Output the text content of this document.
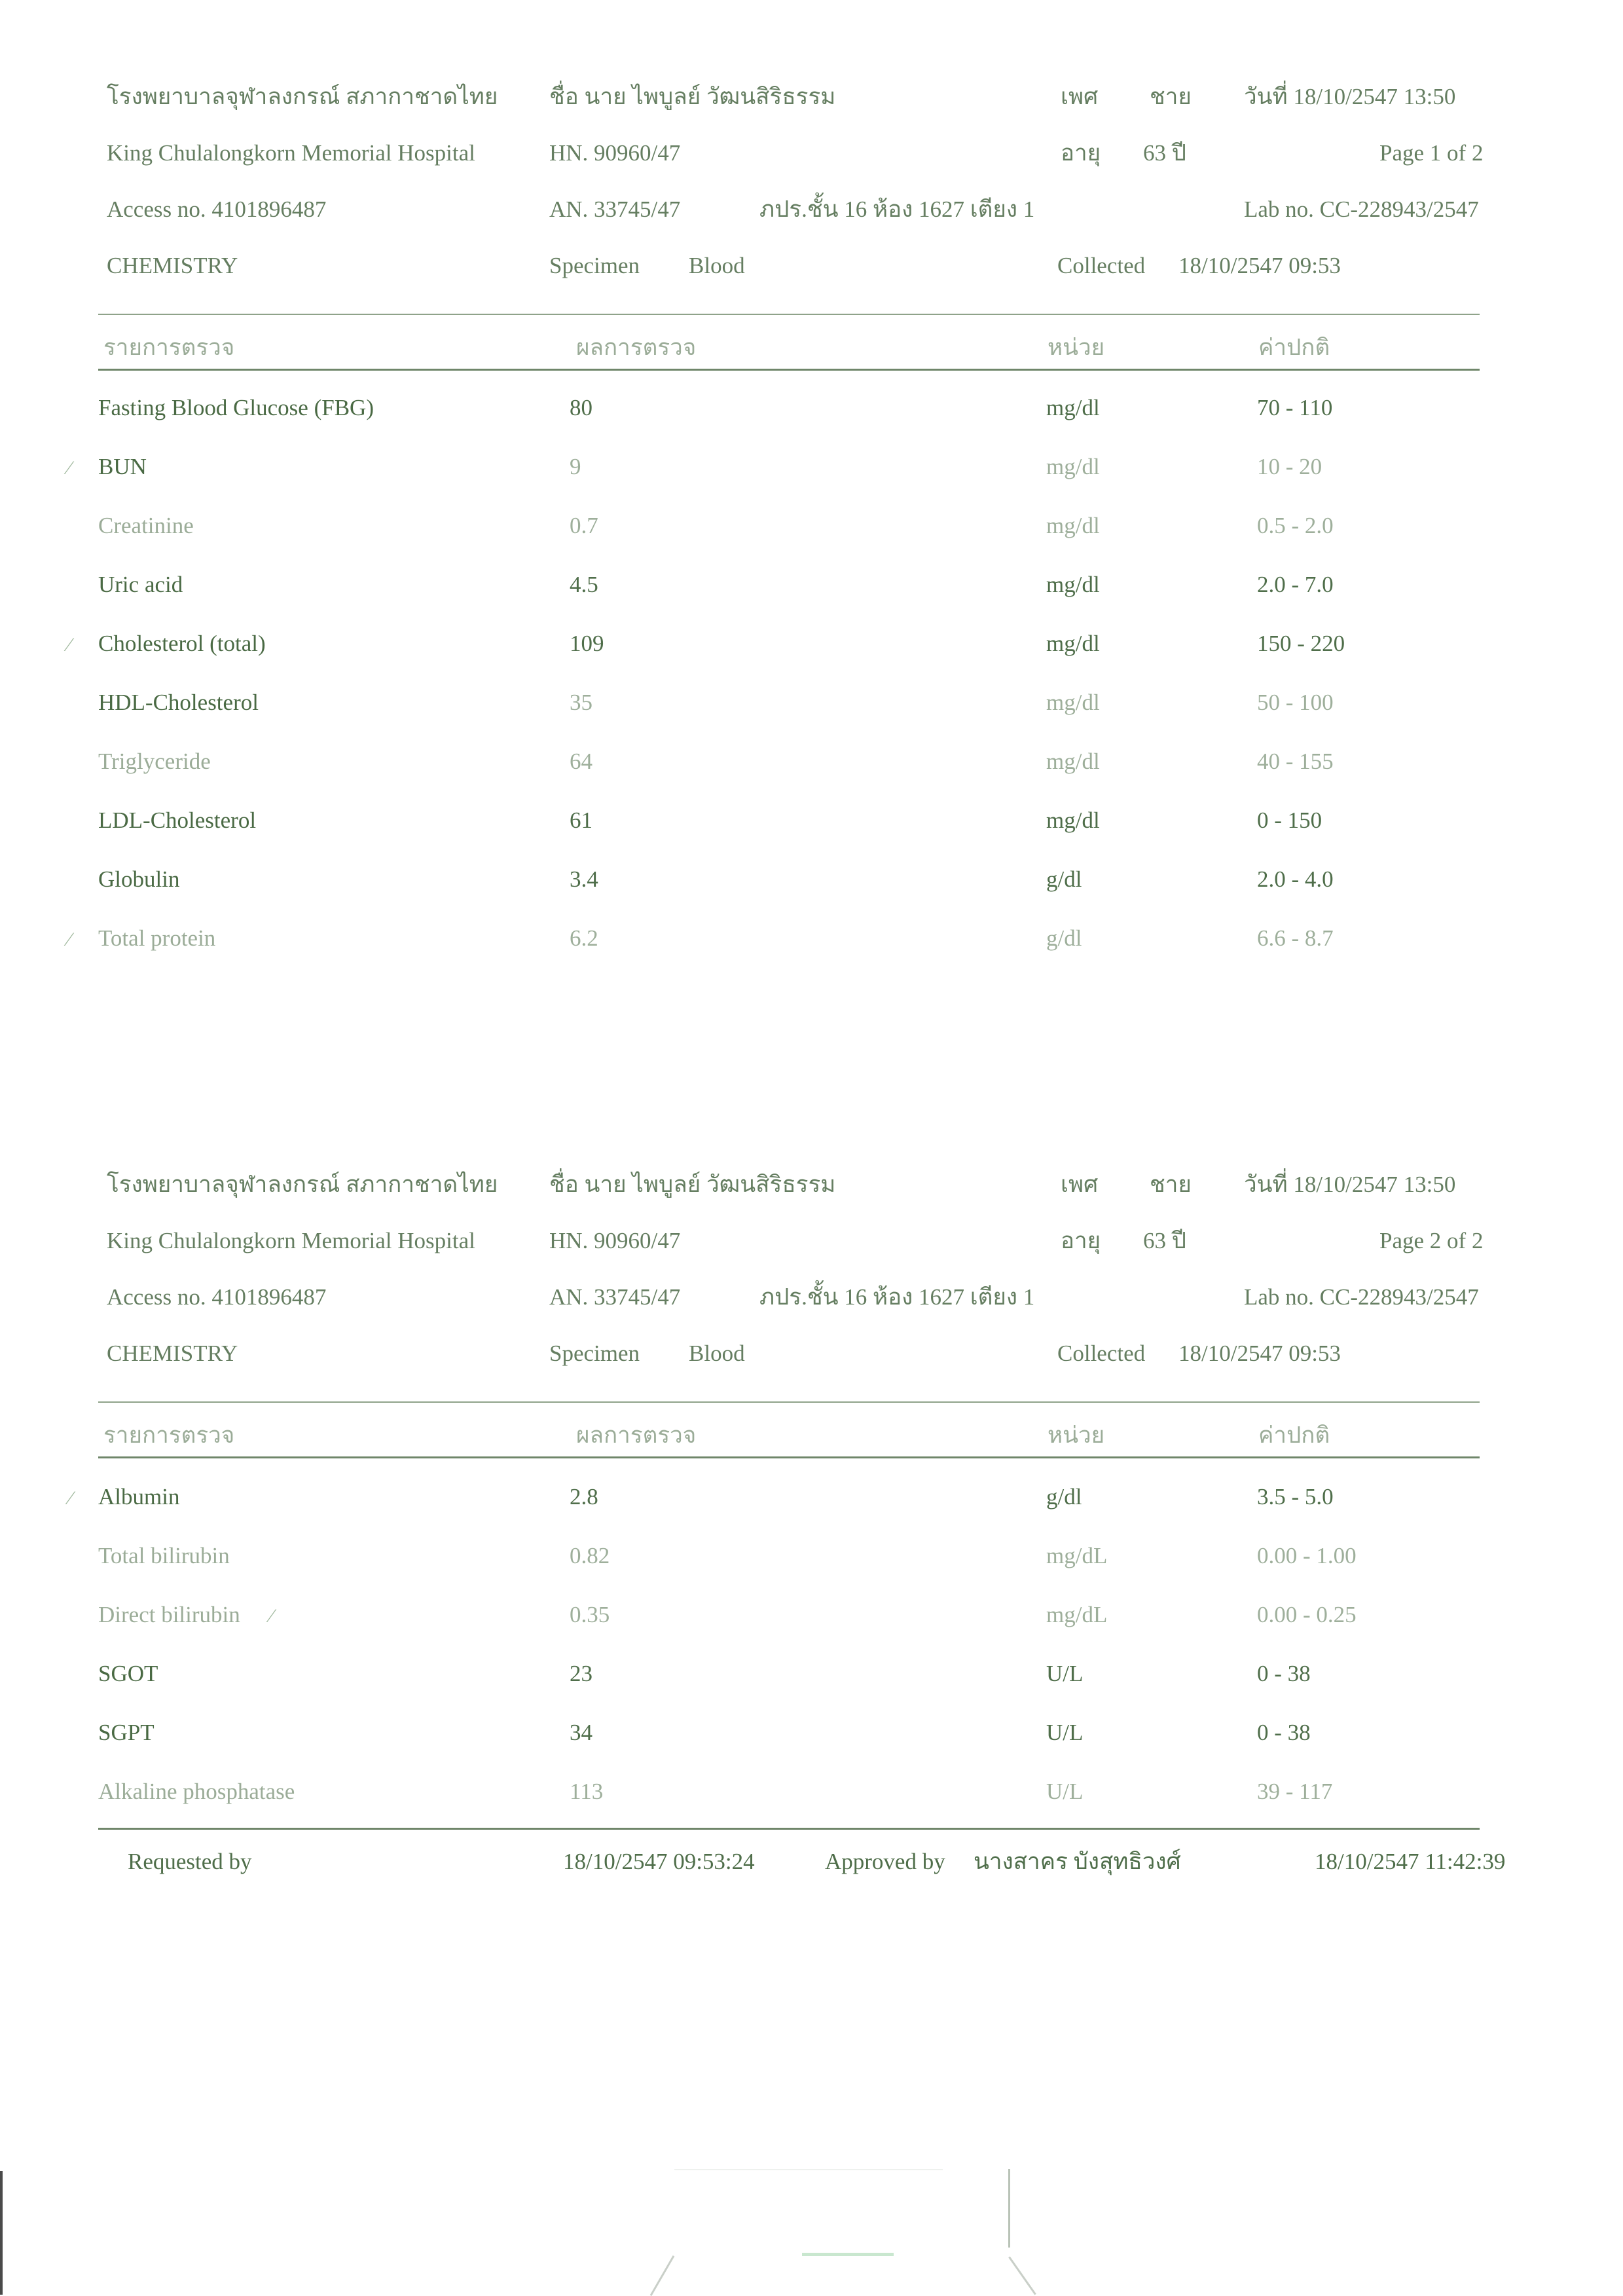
โรงพยาบาลจุฬาลงกรณ์ สภากาชาดไทย ชื่อ นาย ไพบูลย์ วัฒนสิริธรรม	เพศ ชาย วันที่ 18/10/2547 13:50
King Chulalongkorn Memorial Hospital	HN. 90960/47	อายุ 63 ปี	Page 1 of 2
Access no. 4101896487	AN. 33745/47	ภปร.ชั้น 16 ห้อง 1627 เตียง 1	Lab no. CC-228943/2547
CHEMISTRY	Specimen Blood	Collected 18/10/2547 09:53
รายการตรวจ	ผลการตรวจ	หน่วย	ค่าปกติ
Fasting Blood Glucose (FBG)	80	mg/dl	70 - 110
BUN	9	mg/dl	10 - 20
Creatinine	0.7	mg/dl	0.5 - 2.0
Uric acid	4.5	mg/dl	2.0 - 7.0
Cholesterol (total)	109	mg/dl	150 - 220
HDL-Cholesterol	35	mg/dl	50 - 100
Triglyceride	64	mg/dl	40 - 155
LDL-Cholesterol	61	mg/dl	0 - 150
Globulin	3.4	g/dl	2.0 - 4.0
Total protein	6.2	g/dl	6.6 - 8.7
⁄
⁄
⁄
โรงพยาบาลจุฬาลงกรณ์ สภากาชาดไทย ชื่อ นาย ไพบูลย์ วัฒนสิริธรรม	เพศ ชาย วันที่ 18/10/2547 13:50
King Chulalongkorn Memorial Hospital	HN. 90960/47	อายุ 63 ปี	Page 2 of 2
Access no. 4101896487	AN. 33745/47	ภปร.ชั้น 16 ห้อง 1627 เตียง 1	Lab no. CC-228943/2547
CHEMISTRY	Specimen Blood	Collected 18/10/2547 09:53
รายการตรวจ	ผลการตรวจ	หน่วย	ค่าปกติ
Albumin	2.8	g/dl	3.5 - 5.0
Total bilirubin	0.82	mg/dL	0.00 - 1.00
Direct bilirubin	0.35	mg/dL	0.00 - 0.25
SGOT	23	U/L	0 - 38
SGPT	34	U/L	0 - 38
Alkaline phosphatase	113	U/L	39 - 117
⁄
⁄
Requested by	18/10/2547 09:53:24	Approved by นางสาคร บังสุทธิวงศ์	18/10/2547 11:42:39
